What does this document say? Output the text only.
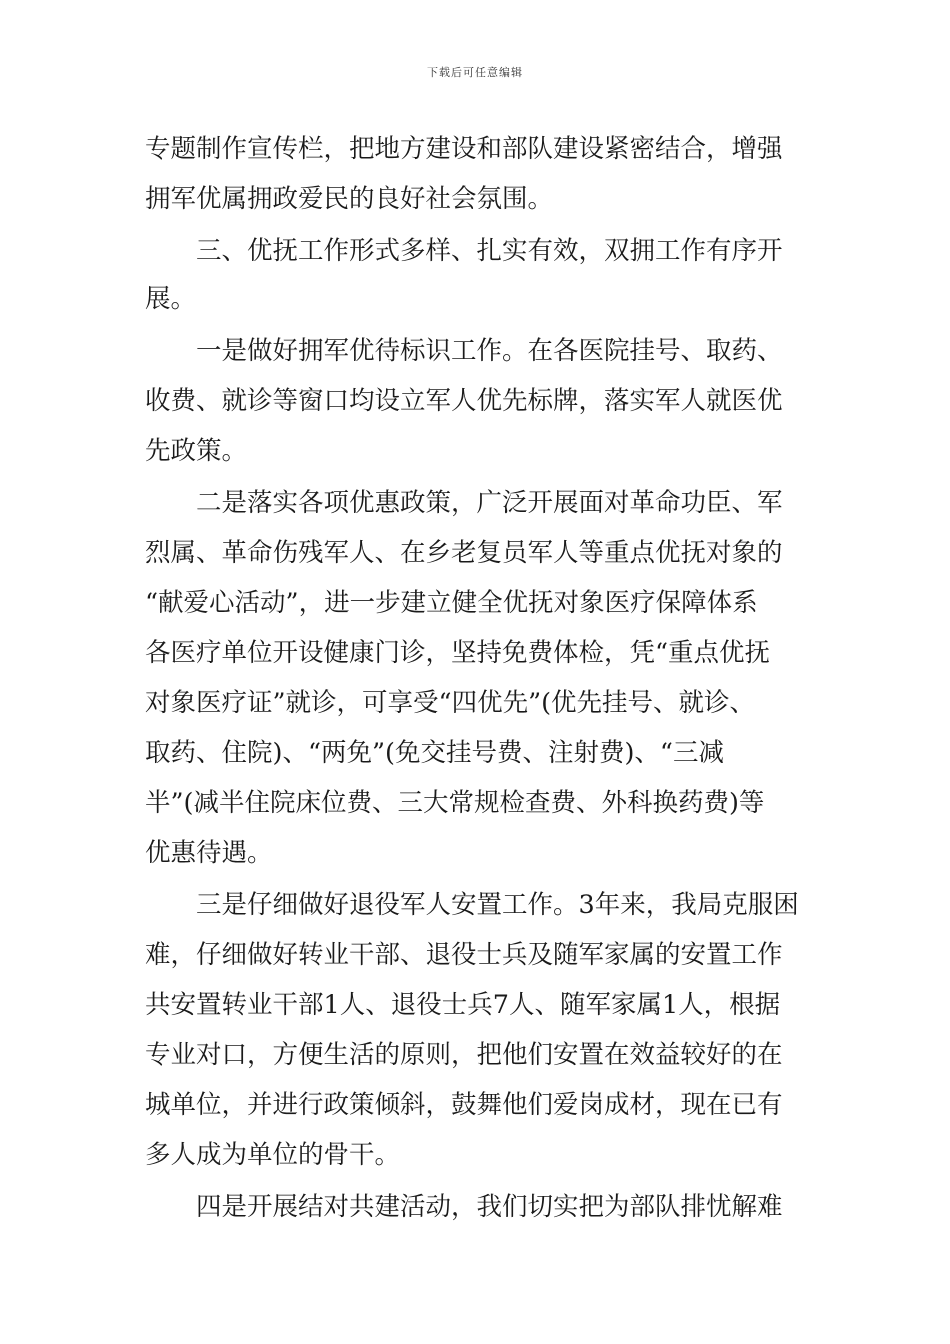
下载后可任意编辑
专题制作宣传栏，把地方建设和部队建设紧密结合，增强
拥军优属拥政爱民的良好社会氛围。
三、优抚工作形式多样、扎实有效，双拥工作有序开
展。
一是做好拥军优待标识工作。在各医院挂号、取药、
收费、就诊等窗口均设立军人优先标牌，落实军人就医优
先政策。
二是落实各项优惠政策，广泛开展面对革命功臣、军
烈属、革命伤残军人、在乡老复员军人等重点优抚对象的
“献爱心活动”，进一步建立健全优抚对象医疗保障体系
各医疗单位开设健康门诊，坚持免费体检，凭“重点优抚
对象医疗证”就诊，可享受“四优先”(优先挂号、就诊、
取药、住院)、“两免”(免交挂号费、注射费)、“三减
半”(减半住院床位费、三大常规检查费、外科换药费)等
优惠待遇。
三是仔细做好退役军人安置工作。3年来，我局克服困
难，仔细做好转业干部、退役士兵及随军家属的安置工作
共安置转业干部1人、退役士兵7人、随军家属1人，根据
专业对口，方便生活的原则，把他们安置在效益较好的在
城单位，并进行政策倾斜，鼓舞他们爱岗成材，现在已有
多人成为单位的骨干。
四是开展结对共建活动，我们切实把为部队排忧解难
